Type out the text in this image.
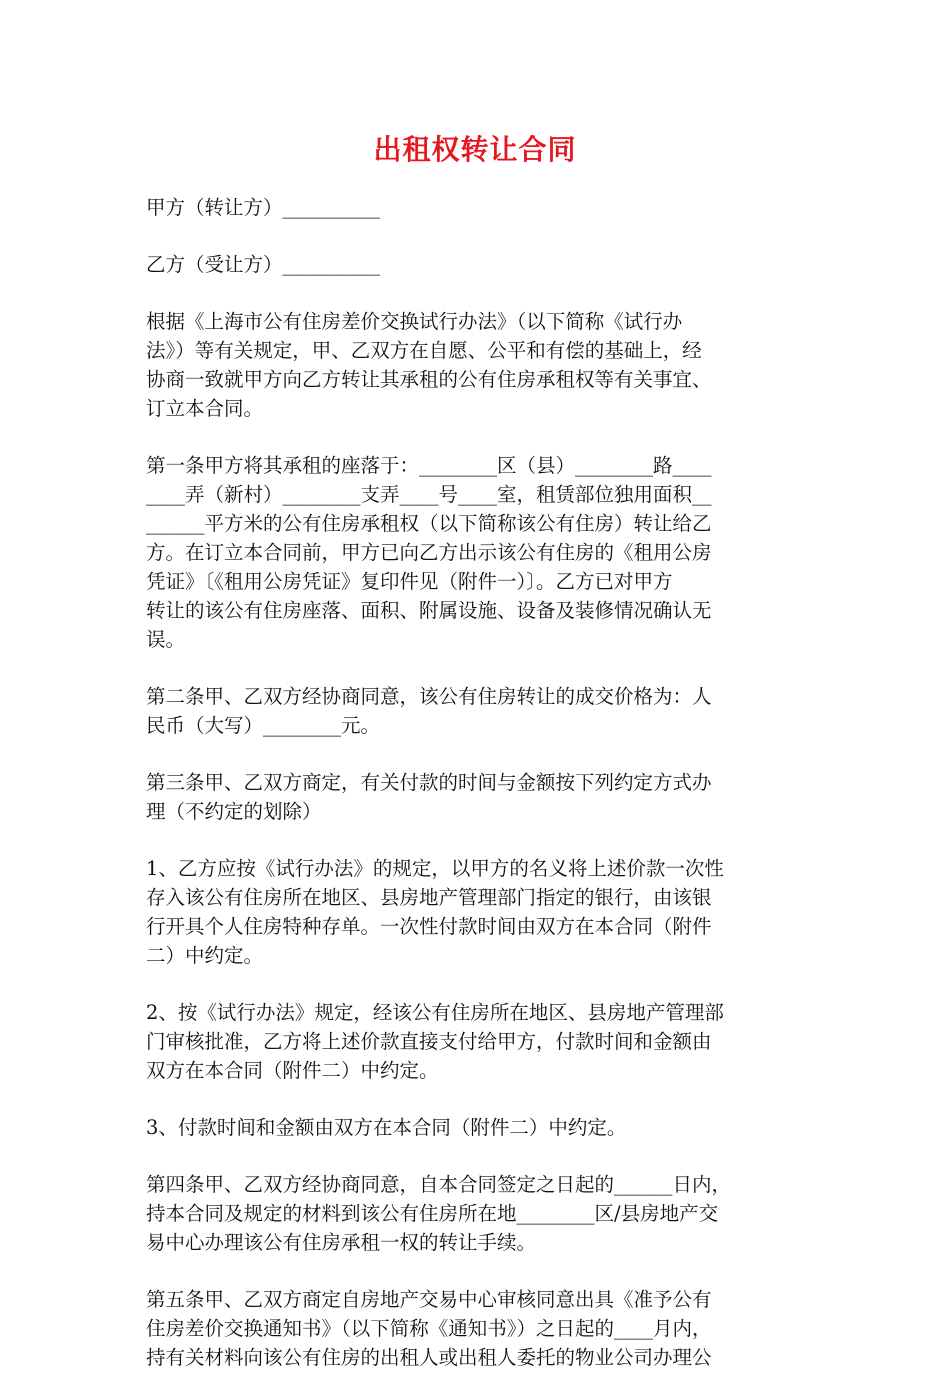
出租权转让合同
甲方（转让方）__________
乙方（受让方）__________
根据《上海市公有住房差价交换试行办法》（以下简称《试行办
法》）等有关规定，甲、乙双方在自愿、公平和有偿的基础上，经
协商一致就甲方向乙方转让其承租的公有住房承租权等有关事宜、
订立本合同。
第一条甲方将其承租的座落于：________区（县）________路____
____弄（新村）________支弄____号____室，租赁部位独用面积__
______平方米的公有住房承租权（以下简称该公有住房）转让给乙
方。在订立本合同前，甲方已向乙方出示该公有住房的《租用公房
凭证》〔《租用公房凭证》复印件见（附件一）〕。乙方已对甲方
转让的该公有住房座落、面积、附属设施、设备及装修情况确认无
误。
第二条甲、乙双方经协商同意，该公有住房转让的成交价格为：人
民币（大写）________元。
第三条甲、乙双方商定，有关付款的时间与金额按下列约定方式办
理（不约定的划除）
1、乙方应按《试行办法》的规定，以甲方的名义将上述价款一次性
存入该公有住房所在地区、县房地产管理部门指定的银行，由该银
行开具个人住房特种存单。一次性付款时间由双方在本合同（附件
二）中约定。
2、按《试行办法》规定，经该公有住房所在地区、县房地产管理部
门审核批准，乙方将上述价款直接支付给甲方，付款时间和金额由
双方在本合同（附件二）中约定。
3、付款时间和金额由双方在本合同（附件二）中约定。
第四条甲、乙双方经协商同意，自本合同签定之日起的______日内，
持本合同及规定的材料到该公有住房所在地________区/县房地产交
易中心办理该公有住房承租一权的转让手续。
第五条甲、乙双方商定自房地产交易中心审核同意出具《准予公有
住房差价交换通知书》（以下简称《通知书》）之日起的____月内，
持有关材料向该公有住房的出租人或出租人委托的物业公司办理公
